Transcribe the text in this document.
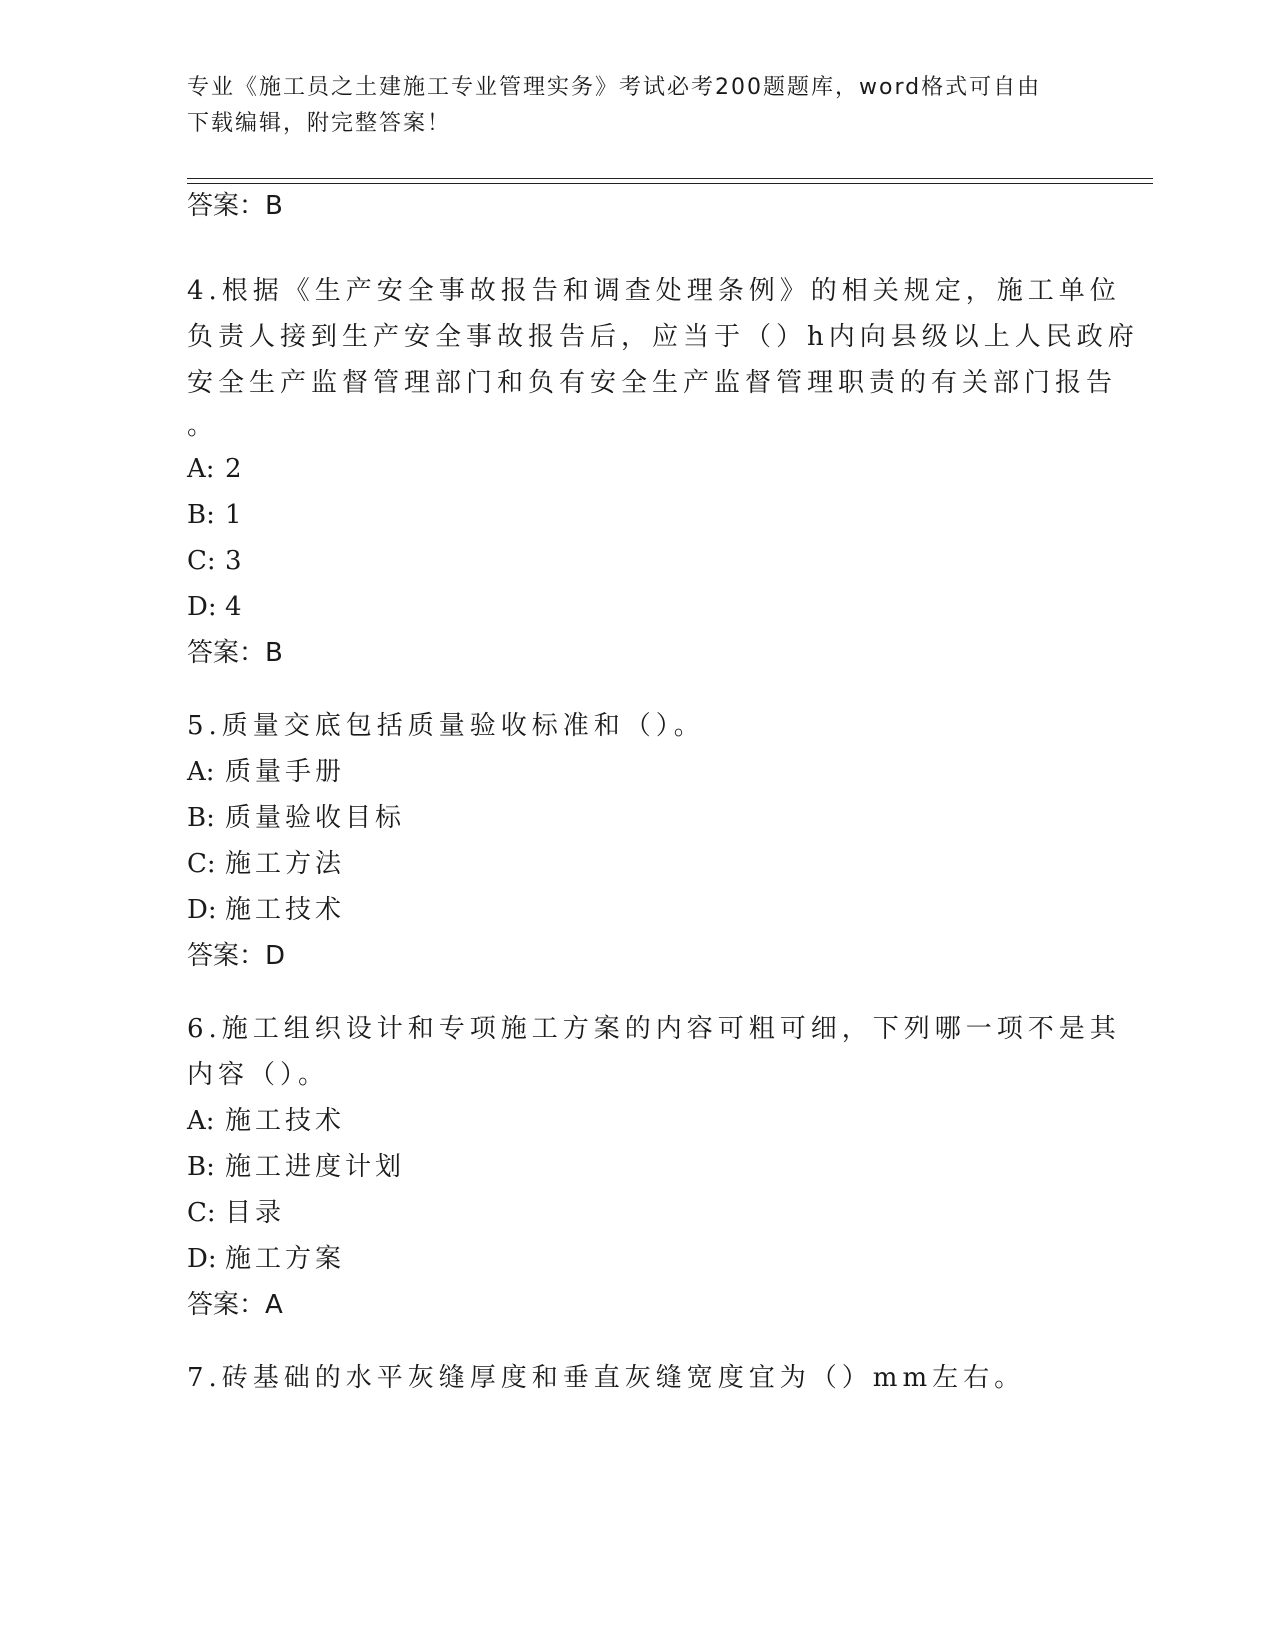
专业《施工员之土建施工专业管理实务》考试必考200题题库，word格式可自由
下载编辑，附完整答案！
答案：B
4.根据《生产安全事故报告和调查处理条例》的相关规定，施工单位
负责人接到生产安全事故报告后，应当于（）h内向县级以上人民政府
安全生产监督管理部门和负有安全生产监督管理职责的有关部门报告
。
A: 2
B: 1
C: 3
D: 4
答案：B
5.质量交底包括质量验收标准和（）。
A: 质量手册
B: 质量验收目标
C: 施工方法
D: 施工技术
答案：D
6.施工组织设计和专项施工方案的内容可粗可细，下列哪一项不是其
内容（）。
A: 施工技术
B: 施工进度计划
C: 目录
D: 施工方案
答案：A
7.砖基础的水平灰缝厚度和垂直灰缝宽度宜为（）mm左右。
